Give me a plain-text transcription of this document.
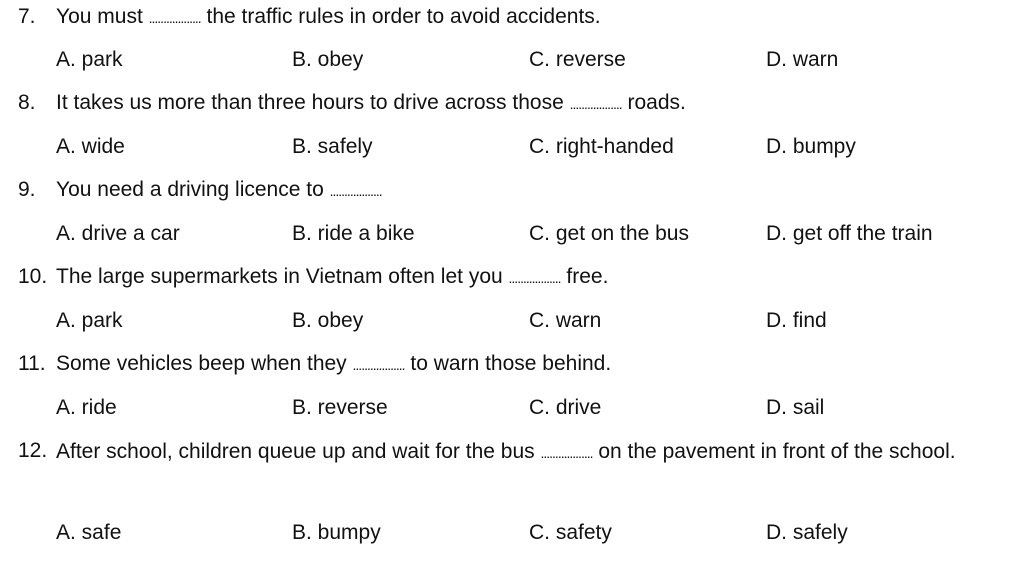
7. You must .................. the traffic rules in order to avoid accidents.
A. park	B. obey	C. reverse	D. warn
8. It takes us more than three hours to drive across those .................. roads.
A. wide	B. safely	C. right-handed	D. bumpy
9. You need a driving licence to ..................
A. drive a car	B. ride a bike	C. get on the bus	D. get off the train
10. The large supermarkets in Vietnam often let you .................. free.
A. park	B. obey	C. warn	D. find
11. Some vehicles beep when they .................. to warn those behind.
A. ride	B. reverse	C. drive	D. sail
12. After school, children queue up and wait for the bus .................. on the pavement in front of the school.
A. safe	B. bumpy	C. safety	D. safely
